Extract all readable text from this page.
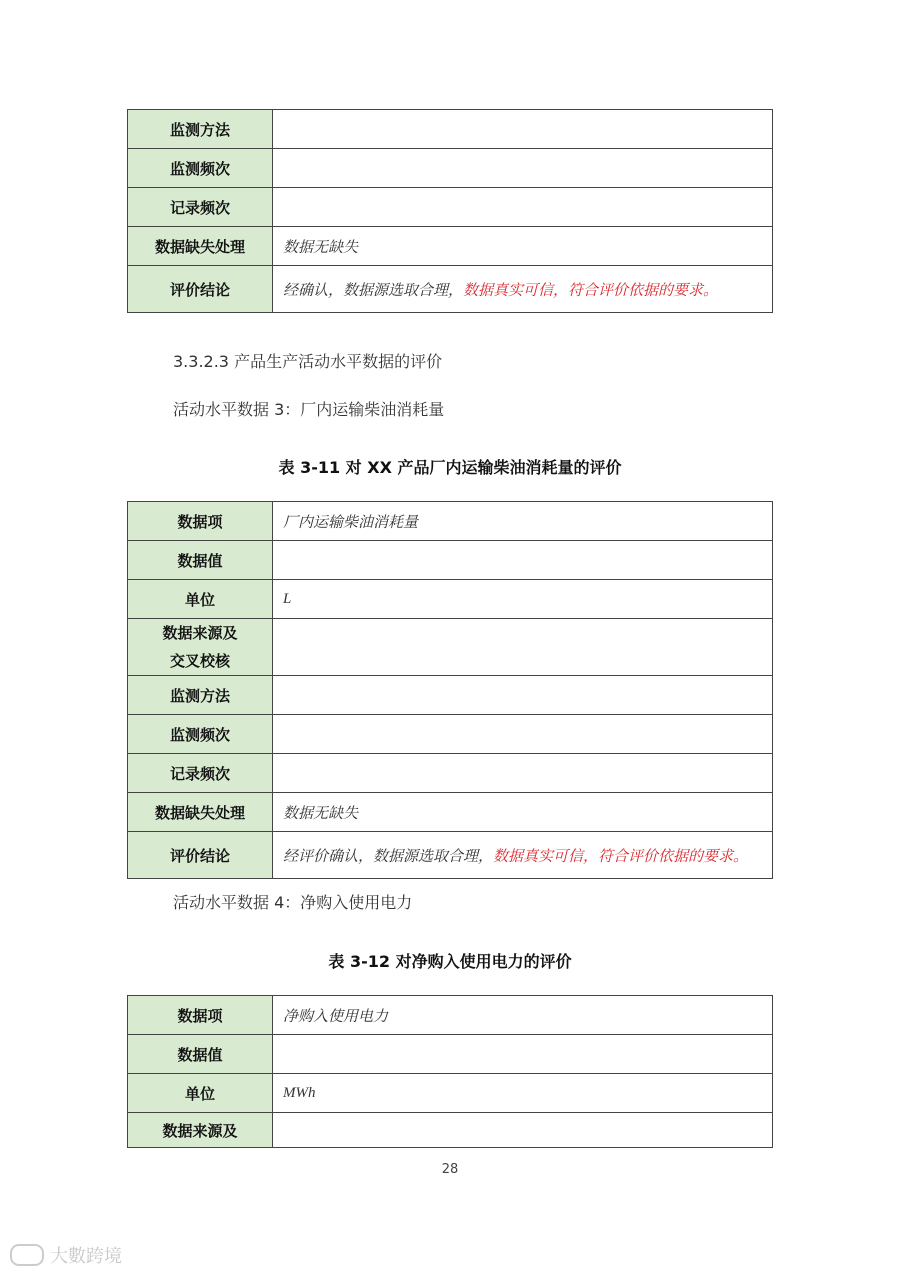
监测方法	
监测频次	
记录频次	
数据缺失处理	数据无缺失
评价结论	经确认，数据源选取合理，数据真实可信，符合评价依据的要求。
3.3.2.3 产品生产活动水平数据的评价
活动水平数据 3：厂内运输柴油消耗量
表 3-11 对 XX 产品厂内运输柴油消耗量的评价
数据项	厂内运输柴油消耗量
数据值	
单位	L

数据来源及
交叉校核	

监测方法	
监测频次	
记录频次	
数据缺失处理	数据无缺失
评价结论	经评价确认，数据源选取合理，数据真实可信，符合评价依据的要求。
活动水平数据 4：净购入使用电力
表 3-12 对净购入使用电力的评价
数据项	净购入使用电力
数据值	
单位	MWh
数据来源及	
28
大數跨境
